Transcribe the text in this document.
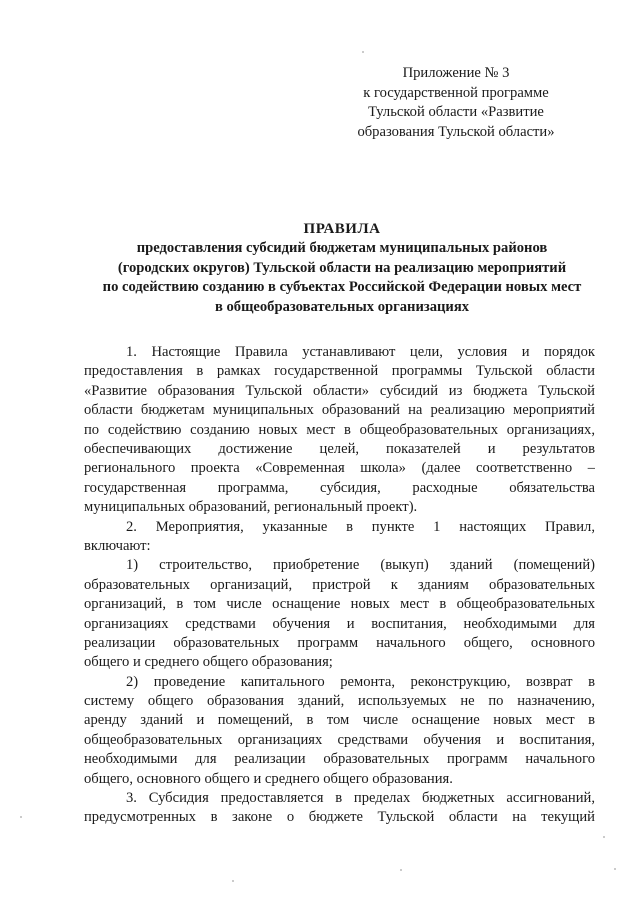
Приложение № 3
к государственной программе
Тульской области «Развитие
образования Тульской области»
ПРАВИЛА
предоставления субсидий бюджетам муниципальных районов
(городских округов) Тульской области на реализацию мероприятий
по содействию созданию в субъектах Российской Федерации новых мест
в общеобразовательных организациях
1. Настоящие Правила устанавливают цели, условия и порядок
предоставления в рамках государственной программы Тульской области
«Развитие образования Тульской области» субсидий из бюджета Тульской
области бюджетам муниципальных образований на реализацию мероприятий
по содействию созданию новых мест в общеобразовательных организациях,
обеспечивающих достижение целей, показателей и результатов
регионального проекта «Современная школа» (далее соответственно –
государственная программа, субсидия, расходные обязательства
муниципальных образований, региональный проект).
2. Мероприятия, указанные в пункте 1 настоящих Правил,
включают:
1) строительство, приобретение (выкуп) зданий (помещений)
образовательных организаций, пристрой к зданиям образовательных
организаций, в том числе оснащение новых мест в общеобразовательных
организациях средствами обучения и воспитания, необходимыми для
реализации образовательных программ начального общего, основного
общего и среднего общего образования;
2) проведение капитального ремонта, реконструкцию, возврат в
систему общего образования зданий, используемых не по назначению,
аренду зданий и помещений, в том числе оснащение новых мест в
общеобразовательных организациях средствами обучения и воспитания,
необходимыми для реализации образовательных программ начального
общего, основного общего и среднего общего образования.
3. Субсидия предоставляется в пределах бюджетных ассигнований,
предусмотренных в законе о бюджете Тульской области на текущий
